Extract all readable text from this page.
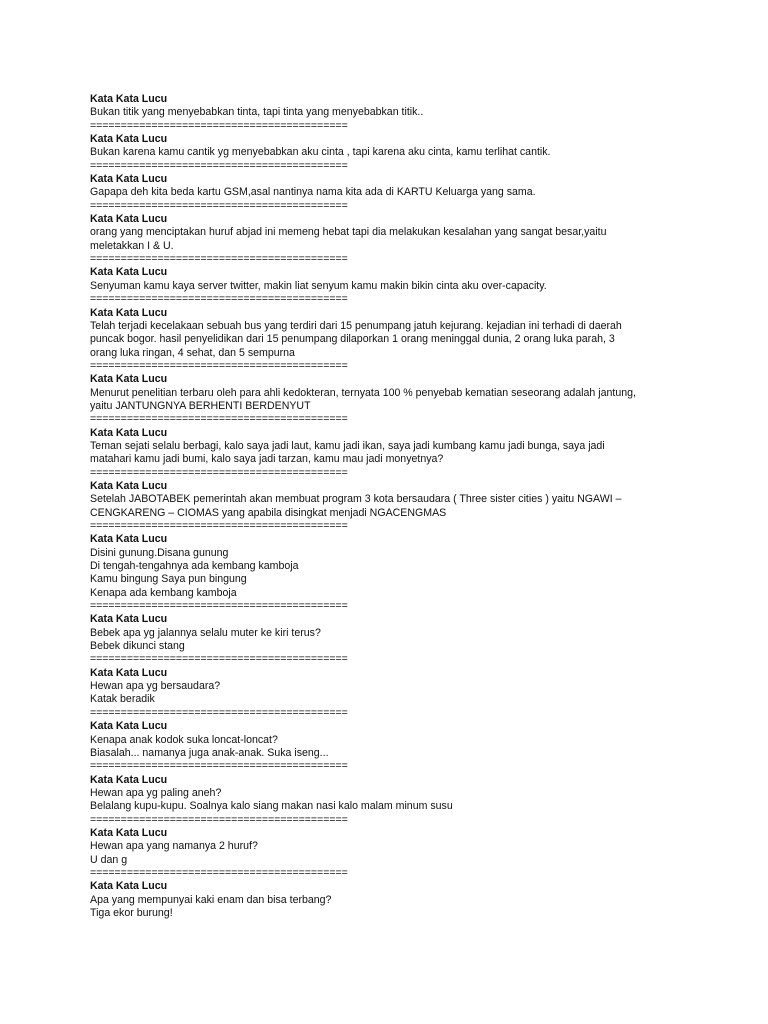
Kata Kata Lucu
Bukan titik yang menyebabkan tinta, tapi tinta yang menyebabkan titik..
==========================================
Kata Kata Lucu
Bukan karena kamu cantik yg menyebabkan aku cinta , tapi karena aku cinta, kamu terlihat cantik.
==========================================
Kata Kata Lucu
Gapapa deh kita beda kartu GSM,asal nantinya nama kita ada di KARTU Keluarga yang sama.
==========================================
Kata Kata Lucu
orang yang menciptakan huruf abjad ini memeng hebat tapi dia melakukan kesalahan yang sangat besar,yaitu
meletakkan I & U.
==========================================
Kata Kata Lucu
Senyuman kamu kaya server twitter, makin liat senyum kamu makin bikin cinta aku over-capacity.
==========================================
Kata Kata Lucu
Telah terjadi kecelakaan sebuah bus yang terdiri dari 15 penumpang jatuh kejurang. kejadian ini terhadi di daerah
puncak bogor. hasil penyelidikan dari 15 penumpang dilaporkan 1 orang meninggal dunia, 2 orang luka parah, 3
orang luka ringan, 4 sehat, dan 5 sempurna
==========================================
Kata Kata Lucu
Menurut penelitian terbaru oleh para ahli kedokteran, ternyata 100 % penyebab kematian seseorang adalah jantung,
yaitu JANTUNGNYA BERHENTI BERDENYUT
==========================================
Kata Kata Lucu
Teman sejati selalu berbagi, kalo saya jadi laut, kamu jadi ikan, saya jadi kumbang kamu jadi bunga, saya jadi
matahari kamu jadi bumi, kalo saya jadi tarzan, kamu mau jadi monyetnya?
==========================================
Kata Kata Lucu
Setelah JABOTABEK pemerintah akan membuat program 3 kota bersaudara ( Three sister cities ) yaitu NGAWI –
CENGKARENG – CIOMAS yang apabila disingkat menjadi NGACENGMAS
==========================================
Kata Kata Lucu
Disini gunung.Disana gunung
Di tengah-tengahnya ada kembang kamboja
Kamu bingung Saya pun bingung
Kenapa ada kembang kamboja
==========================================
Kata Kata Lucu
Bebek apa yg jalannya selalu muter ke kiri terus?
Bebek dikunci stang
==========================================
Kata Kata Lucu
Hewan apa yg bersaudara?
Katak beradik
==========================================
Kata Kata Lucu
Kenapa anak kodok suka loncat-loncat?
Biasalah... namanya juga anak-anak. Suka iseng...
==========================================
Kata Kata Lucu
Hewan apa yg paling aneh?
Belalang kupu-kupu. Soalnya kalo siang makan nasi kalo malam minum susu
==========================================
Kata Kata Lucu
Hewan apa yang namanya 2 huruf?
U dan g
==========================================
Kata Kata Lucu
Apa yang mempunyai kaki enam dan bisa terbang?
Tiga ekor burung!
